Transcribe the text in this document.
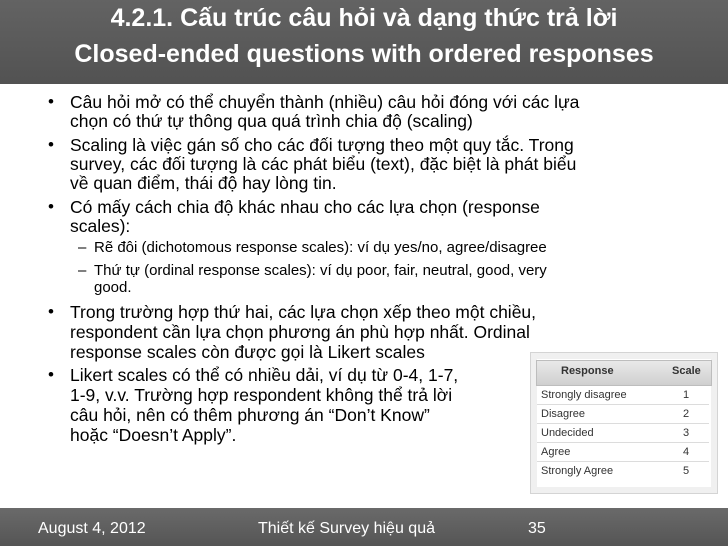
4.2.1. Cấu trúc câu hỏi và dạng thức trả lời
Closed-ended questions with ordered responses
• Câu hỏi mở có thể chuyển thành (nhiều) câu hỏi đóng với các lựa
chọn có thứ tự thông qua quá trình chia độ (scaling)
• Scaling là việc gán số cho các đối tượng theo một quy tắc. Trong
survey, các đối tượng là các phát biểu (text), đặc biệt là phát biểu
về quan điểm, thái độ hay lòng tin.
• Có mấy cách chia độ khác nhau cho các lựa chọn (response
scales):
– Rẽ đôi (dichotomous response scales): ví dụ yes/no, agree/disagree
– Thứ tự (ordinal response scales): ví dụ poor, fair, neutral, good, very
good.
• Trong trường hợp thứ hai, các lựa chọn xếp theo một chiều,
respondent cần lựa chọn phương án phù hợp nhất. Ordinal
response scales còn được gọi là Likert scales
• Likert scales có thể có nhiều dải, ví dụ từ 0-4, 1-7,
1-9, v.v. Trường hợp respondent không thể trả lời
câu hỏi, nên có thêm phương án “Don’t Know”
hoặc “Doesn’t Apply”.
Response	Scale
Strongly disagree	1
Disagree	2
Undecided	3
Agree	4
Strongly Agree	5
August 4, 2012	Thiết kế Survey hiệu quả	35
